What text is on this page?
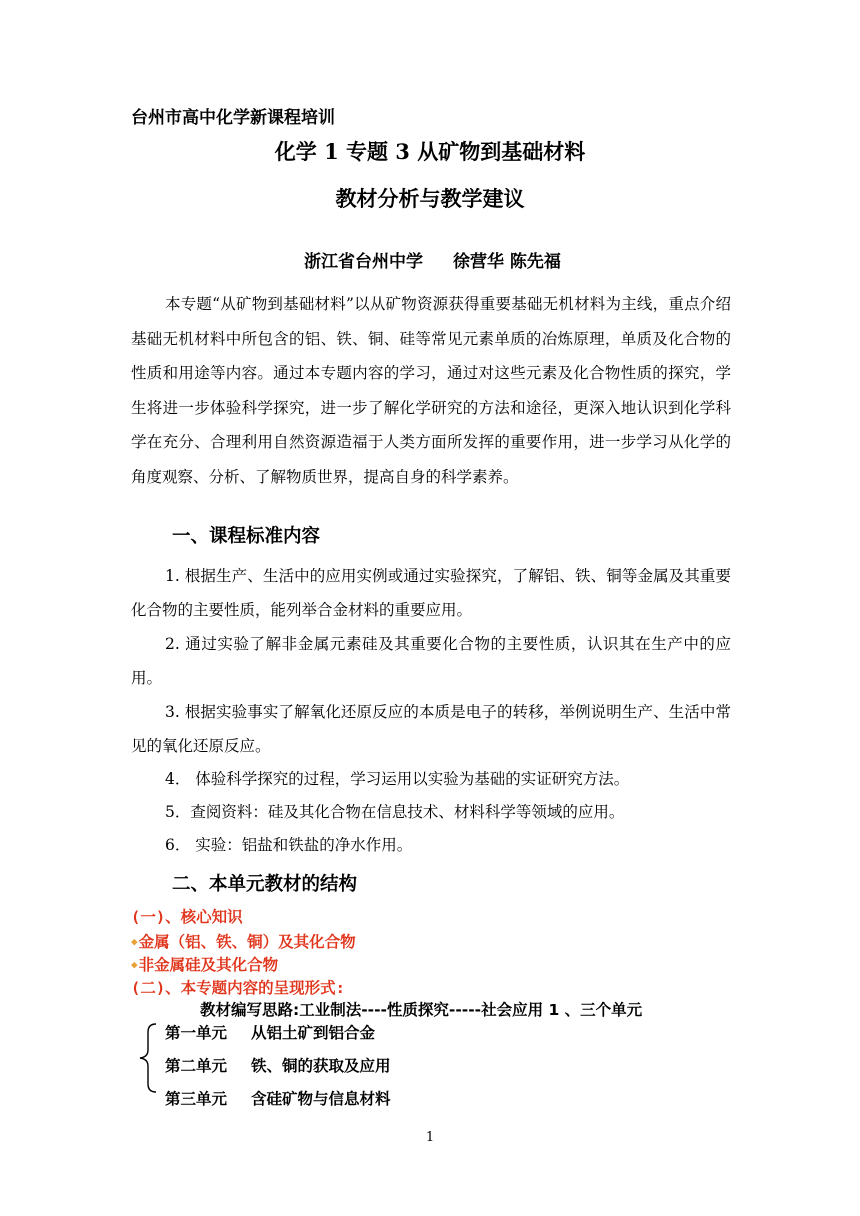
台州市高中化学新课程培训
化学 1 专题 3 从矿物到基础材料
教材分析与教学建议
浙江省台州中学 徐营华 陈先福
本专题“从矿物到基础材料”以从矿物资源获得重要基础无机材料为主线，重点介绍基础无机材料中所包含的铝、铁、铜、硅等常见元素单质的冶炼原理，单质及化合物的性质和用途等内容。通过本专题内容的学习，通过对这些元素及化合物性质的探究，学生将进一步体验科学探究，进一步了解化学研究的方法和途径，更深入地认识到化学科学在充分、合理利用自然资源造福于人类方面所发挥的重要作用，进一步学习从化学的角度观察、分析、了解物质世界，提高自身的科学素养。
一、课程标准内容
1. 根据生产、生活中的应用实例或通过实验探究，了解铝、铁、铜等金属及其重要化合物的主要性质，能列举合金材料的重要应用。
2. 通过实验了解非金属元素硅及其重要化合物的主要性质，认识其在生产中的应用。
3. 根据实验事实了解氧化还原反应的本质是电子的转移，举例说明生产、生活中常见的氧化还原反应。
4． 体验科学探究的过程，学习运用以实验为基础的实证研究方法。
5．查阅资料：硅及其化合物在信息技术、材料科学等领域的应用。
6． 实验：铝盐和铁盐的净水作用。
二、本单元教材的结构
(一)、核心知识
◆金属（铝、铁、铜）及其化合物
◆非金属硅及其化合物
(二)、本专题内容的呈现形式:
教材编写思路:工业制法----性质探究-----社会应用 1 、三个单元
第一单元 从铝土矿到铝合金
第二单元 铁、铜的获取及应用
第三单元 含硅矿物与信息材料
1
